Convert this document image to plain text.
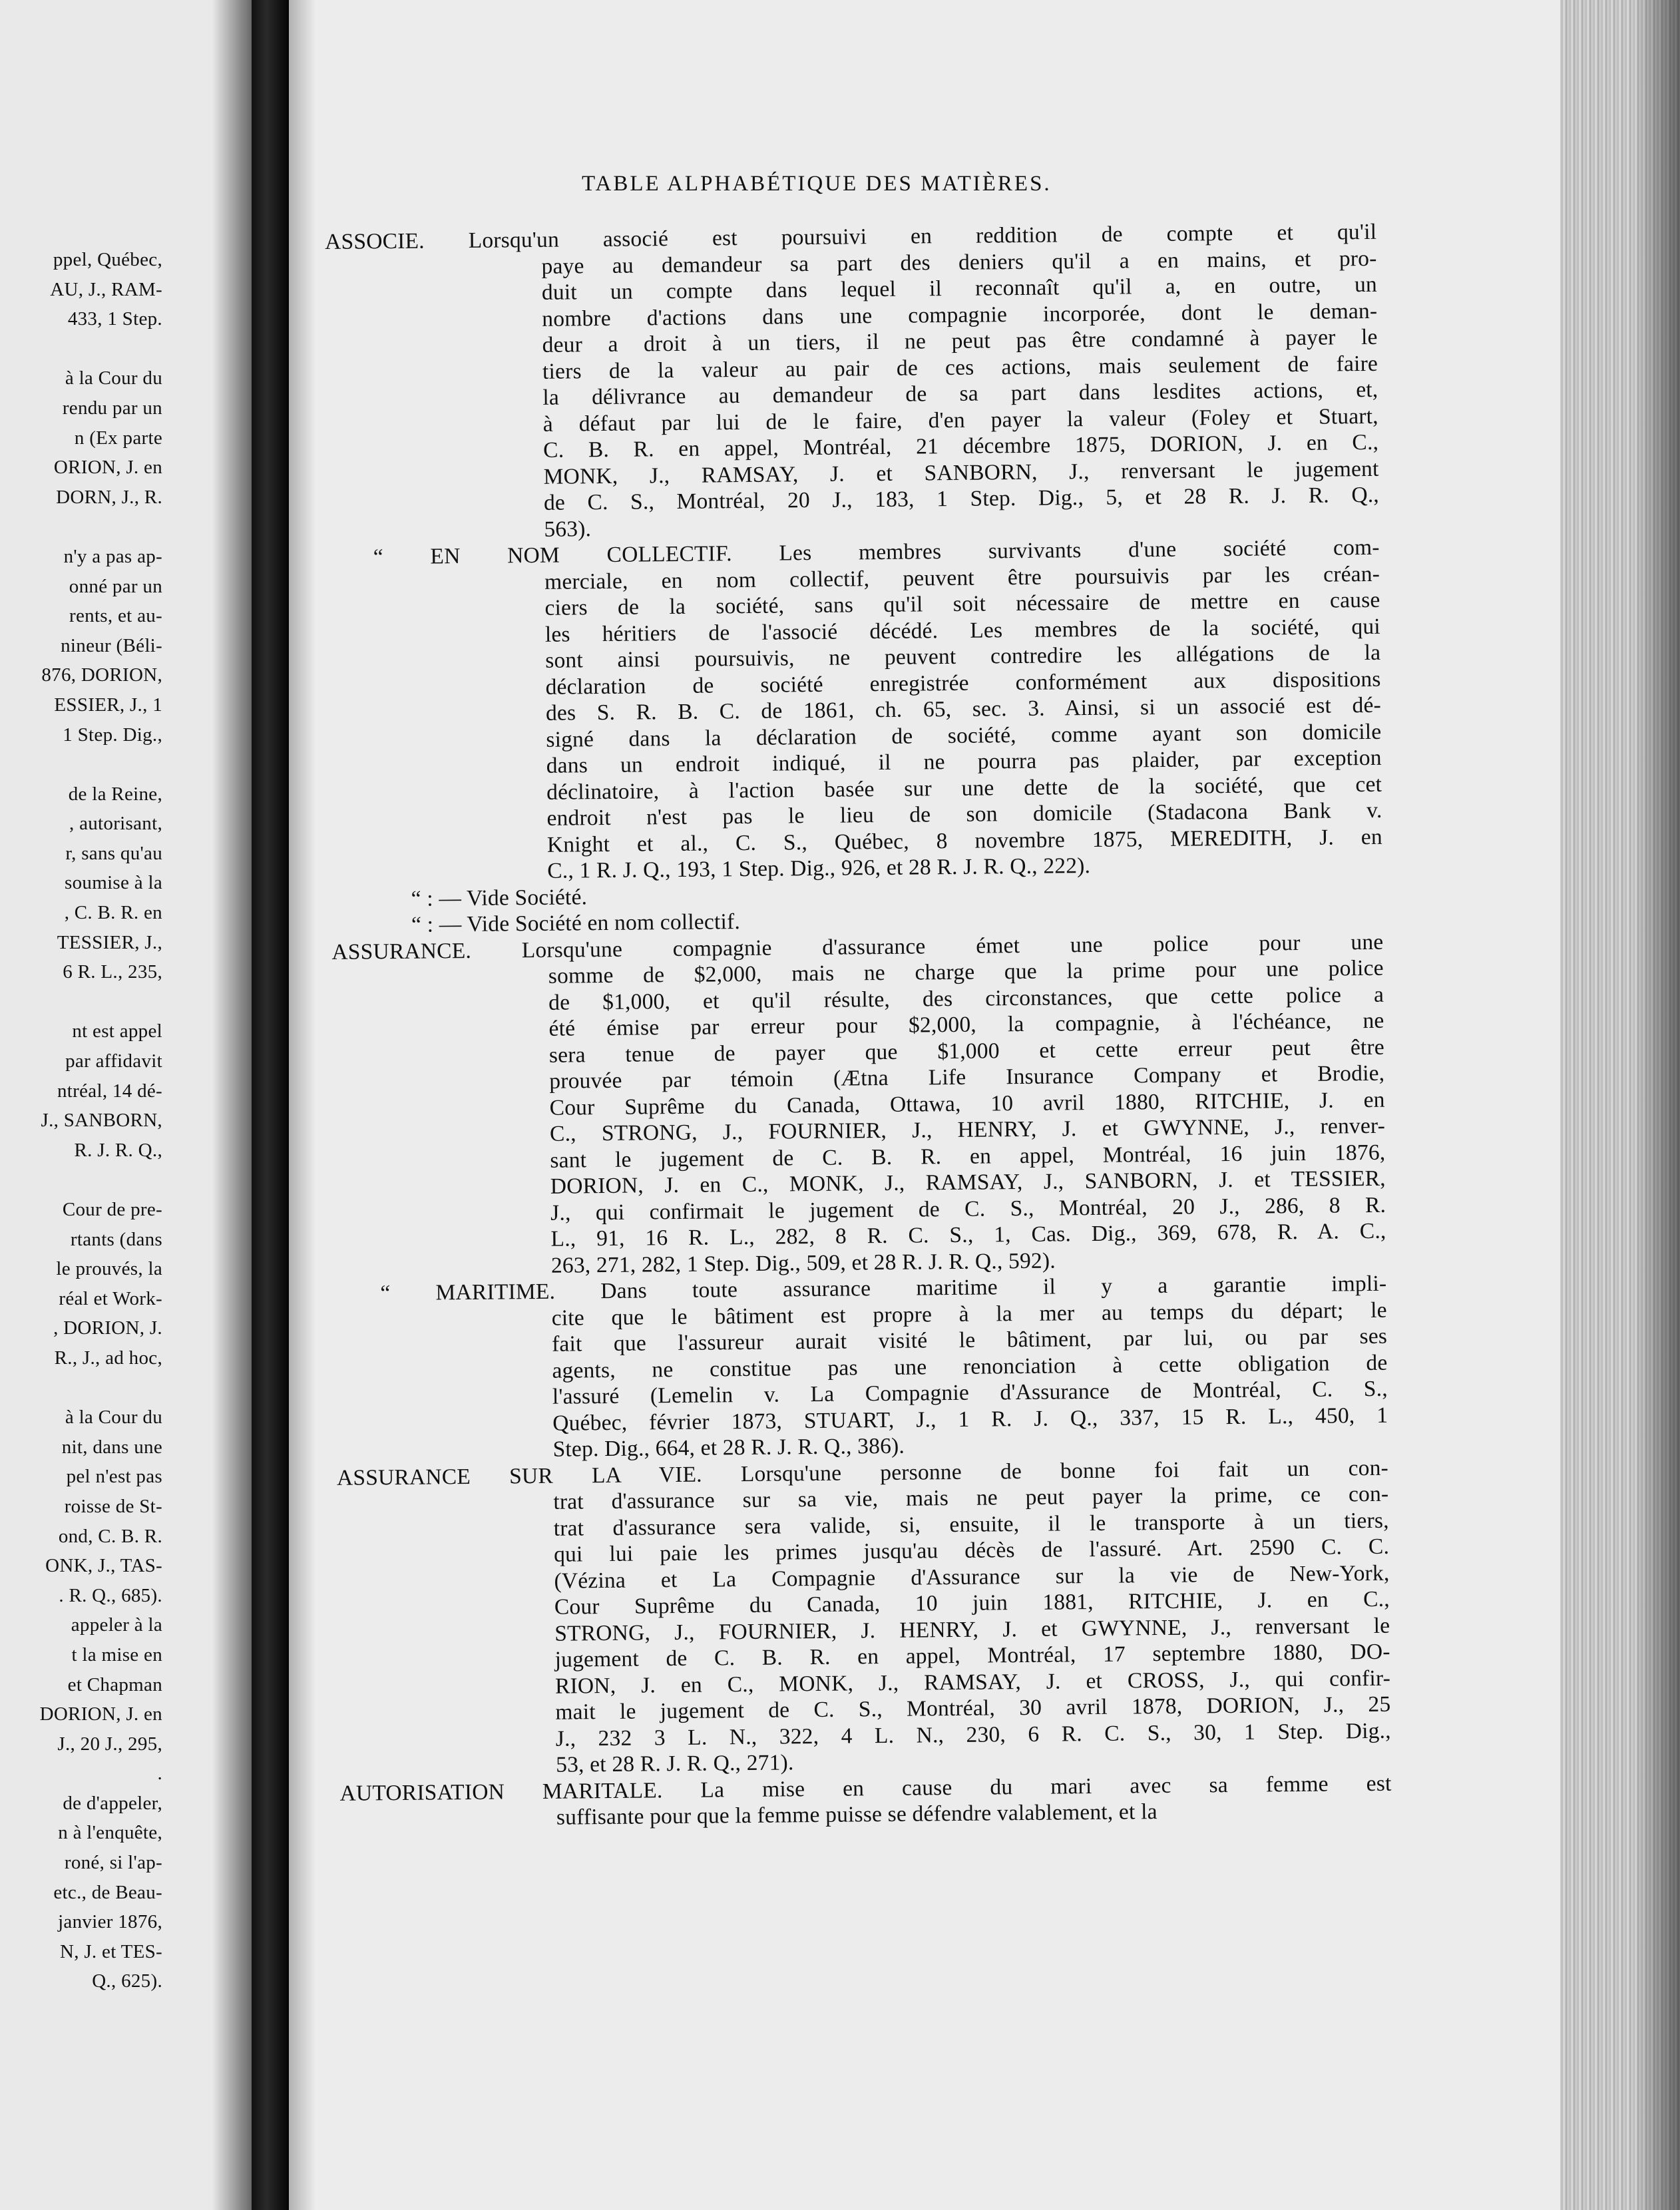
ppel, Québec,
AU, J., RAM-
433, 1 Step.
à la Cour du
rendu par un
n (Ex parte
ORION, J. en
DORN, J., R.
n'y a pas ap-
onné par un
rents, et au-
nineur (Béli-
876, DORION,
ESSIER, J., 1
1 Step. Dig.,
de la Reine,
, autorisant,
r, sans qu'au
soumise à la
, C. B. R. en
TESSIER, J.,
6 R. L., 235,
nt est appel
par affidavit
ntréal, 14 dé-
J., SANBORN,
R. J. R. Q.,
Cour de pre-
rtants (dans
le prouvés, la
réal et Work-
, DORION, J.
R., J., ad hoc,
à la Cour du
nit, dans une
pel n'est pas
roisse de St-
ond, C. B. R.
ONK, J., TAS-
. R. Q., 685).
appeler à la
t la mise en
et Chapman
DORION, J. en
J., 20 J., 295,
.
de d'appeler,
n à l'enquête,
roné, si l'ap-
etc., de Beau-
janvier 1876,
N, J. et TES-
Q., 625).
TABLE ALPHABÉTIQUE DES MATIÈRES.
ASSOCIE. Lorsqu'un associé est poursuivi en reddition de compte et qu'il
paye au demandeur sa part des deniers qu'il a en mains, et pro-
duit un compte dans lequel il reconnaît qu'il a, en outre, un
nombre d'actions dans une compagnie incorporée, dont le deman-
deur a droit à un tiers, il ne peut pas être condamné à payer le
tiers de la valeur au pair de ces actions, mais seulement de faire
la délivrance au demandeur de sa part dans lesdites actions, et,
à défaut par lui de le faire, d'en payer la valeur (Foley et Stuart,
C. B. R. en appel, Montréal, 21 décembre 1875, DORION, J. en C.,
MONK, J., RAMSAY, J. et SANBORN, J., renversant le jugement
de C. S., Montréal, 20 J., 183, 1 Step. Dig., 5, et 28 R. J. R. Q.,
563).
“ EN NOM COLLECTIF. Les membres survivants d'une société com-
merciale, en nom collectif, peuvent être poursuivis par les créan-
ciers de la société, sans qu'il soit nécessaire de mettre en cause
les héritiers de l'associé décédé. Les membres de la société, qui
sont ainsi poursuivis, ne peuvent contredire les allégations de la
déclaration de société enregistrée conformément aux dispositions
des S. R. B. C. de 1861, ch. 65, sec. 3. Ainsi, si un associé est dé-
signé dans la déclaration de société, comme ayant son domicile
dans un endroit indiqué, il ne pourra pas plaider, par exception
déclinatoire, à l'action basée sur une dette de la société, que cet
endroit n'est pas le lieu de son domicile (Stadacona Bank v.
Knight et al., C. S., Québec, 8 novembre 1875, MEREDITH, J. en
C., 1 R. J. Q., 193, 1 Step. Dig., 926, et 28 R. J. R. Q., 222).
“ : — Vide Société.
“ : — Vide Société en nom collectif.
ASSURANCE. Lorsqu'une compagnie d'assurance émet une police pour une
somme de $2,000, mais ne charge que la prime pour une police
de $1,000, et qu'il résulte, des circonstances, que cette police a
été émise par erreur pour $2,000, la compagnie, à l'échéance, ne
sera tenue de payer que $1,000 et cette erreur peut être
prouvée par témoin (Ætna Life Insurance Company et Brodie,
Cour Suprême du Canada, Ottawa, 10 avril 1880, RITCHIE, J. en
C., STRONG, J., FOURNIER, J., HENRY, J. et GWYNNE, J., renver-
sant le jugement de C. B. R. en appel, Montréal, 16 juin 1876,
DORION, J. en C., MONK, J., RAMSAY, J., SANBORN, J. et TESSIER,
J., qui confirmait le jugement de C. S., Montréal, 20 J., 286, 8 R.
L., 91, 16 R. L., 282, 8 R. C. S., 1, Cas. Dig., 369, 678, R. A. C.,
263, 271, 282, 1 Step. Dig., 509, et 28 R. J. R. Q., 592).
“ MARITIME. Dans toute assurance maritime il y a garantie impli-
cite que le bâtiment est propre à la mer au temps du départ; le
fait que l'assureur aurait visité le bâtiment, par lui, ou par ses
agents, ne constitue pas une renonciation à cette obligation de
l'assuré (Lemelin v. La Compagnie d'Assurance de Montréal, C. S.,
Québec, février 1873, STUART, J., 1 R. J. Q., 337, 15 R. L., 450, 1
Step. Dig., 664, et 28 R. J. R. Q., 386).
ASSURANCE SUR LA VIE. Lorsqu'une personne de bonne foi fait un con-
trat d'assurance sur sa vie, mais ne peut payer la prime, ce con-
trat d'assurance sera valide, si, ensuite, il le transporte à un tiers,
qui lui paie les primes jusqu'au décès de l'assuré. Art. 2590 C. C.
(Vézina et La Compagnie d'Assurance sur la vie de New-York,
Cour Suprême du Canada, 10 juin 1881, RITCHIE, J. en C.,
STRONG, J., FOURNIER, J. HENRY, J. et GWYNNE, J., renversant le
jugement de C. B. R. en appel, Montréal, 17 septembre 1880, DO-
RION, J. en C., MONK, J., RAMSAY, J. et CROSS, J., qui confir-
mait le jugement de C. S., Montréal, 30 avril 1878, DORION, J., 25
J., 232 3 L. N., 322, 4 L. N., 230, 6 R. C. S., 30, 1 Step. Dig.,
53, et 28 R. J. R. Q., 271).
AUTORISATION MARITALE. La mise en cause du mari avec sa femme est
suffisante pour que la femme puisse se défendre valablement, et la
